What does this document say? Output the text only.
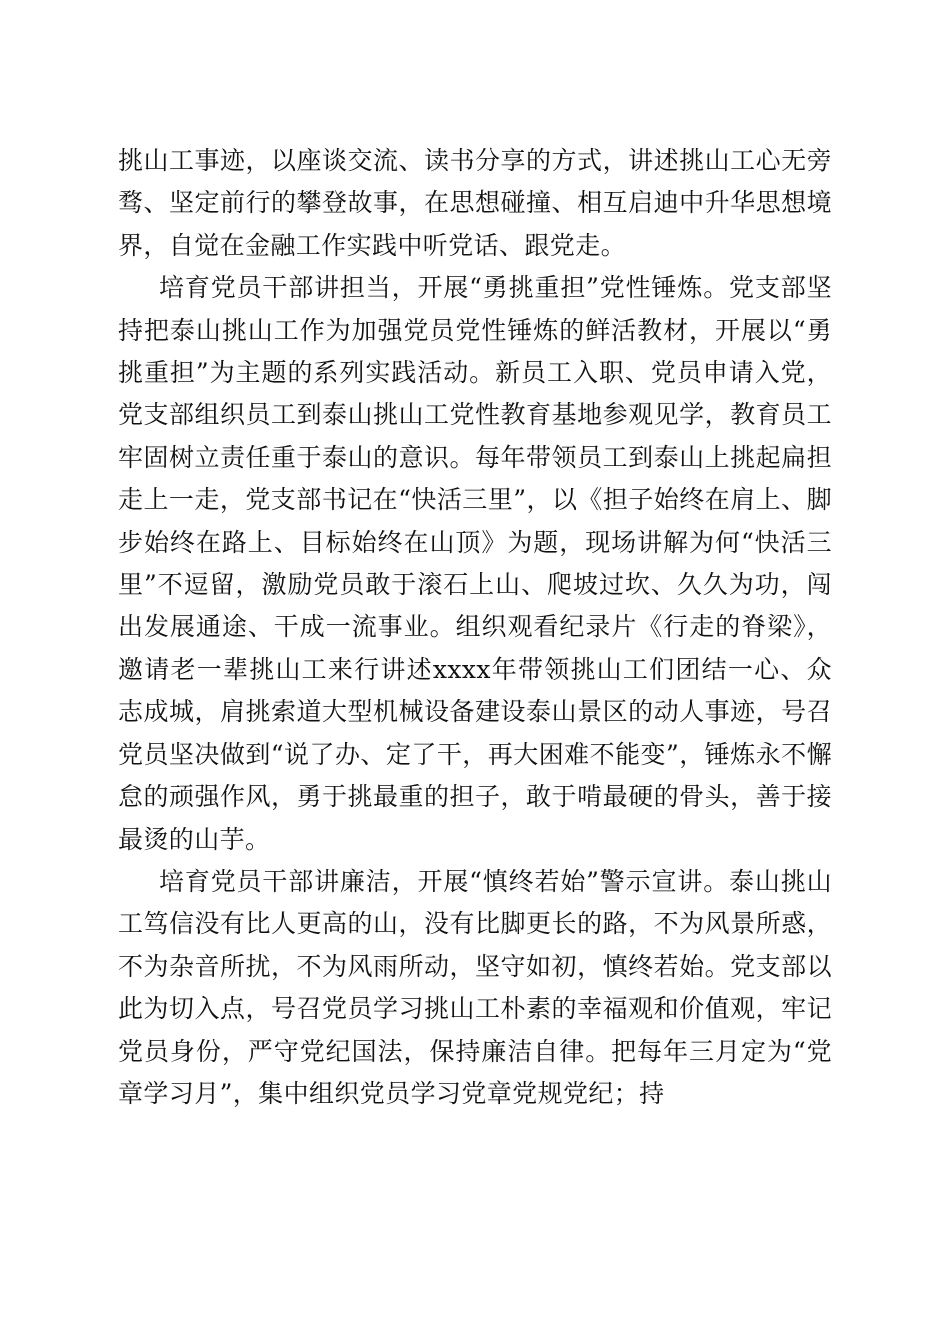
挑山工事迹，以座谈交流、读书分享的方式，讲述挑山工心无旁骛、坚定前行的攀登故事，在思想碰撞、相互启迪中升华思想境界，自觉在金融工作实践中听党话、跟党走。

培育党员干部讲担当，开展“勇挑重担”党性锤炼。党支部坚持把泰山挑山工作为加强党员党性锤炼的鲜活教材，开展以“勇挑重担”为主题的系列实践活动。新员工入职、党员申请入党，党支部组织员工到泰山挑山工党性教育基地参观见学，教育员工牢固树立责任重于泰山的意识。每年带领员工到泰山上挑起扁担走上一走，党支部书记在“快活三里”，以《担子始终在肩上、脚步始终在路上、目标始终在山顶》为题，现场讲解为何“快活三里”不逗留，激励党员敢于滚石上山、爬坡过坎、久久为功，闯出发展通途、干成一流事业。组织观看纪录片《行走的脊梁》，邀请老一辈挑山工来行讲述xxxx年带领挑山工们团结一心、众志成城，肩挑索道大型机械设备建设泰山景区的动人事迹，号召党员坚决做到“说了办、定了干，再大困难不能变”，锤炼永不懈怠的顽强作风，勇于挑最重的担子，敢于啃最硬的骨头，善于接最烫的山芋。

培育党员干部讲廉洁，开展“慎终若始”警示宣讲。泰山挑山工笃信没有比人更高的山，没有比脚更长的路，不为风景所惑，不为杂音所扰，不为风雨所动，坚守如初，慎终若始。党支部以此为切入点，号召党员学习挑山工朴素的幸福观和价值观，牢记党员身份，严守党纪国法，保持廉洁自律。把每年三月定为“党章学习月”，集中组织党员学习党章党规党纪；持
